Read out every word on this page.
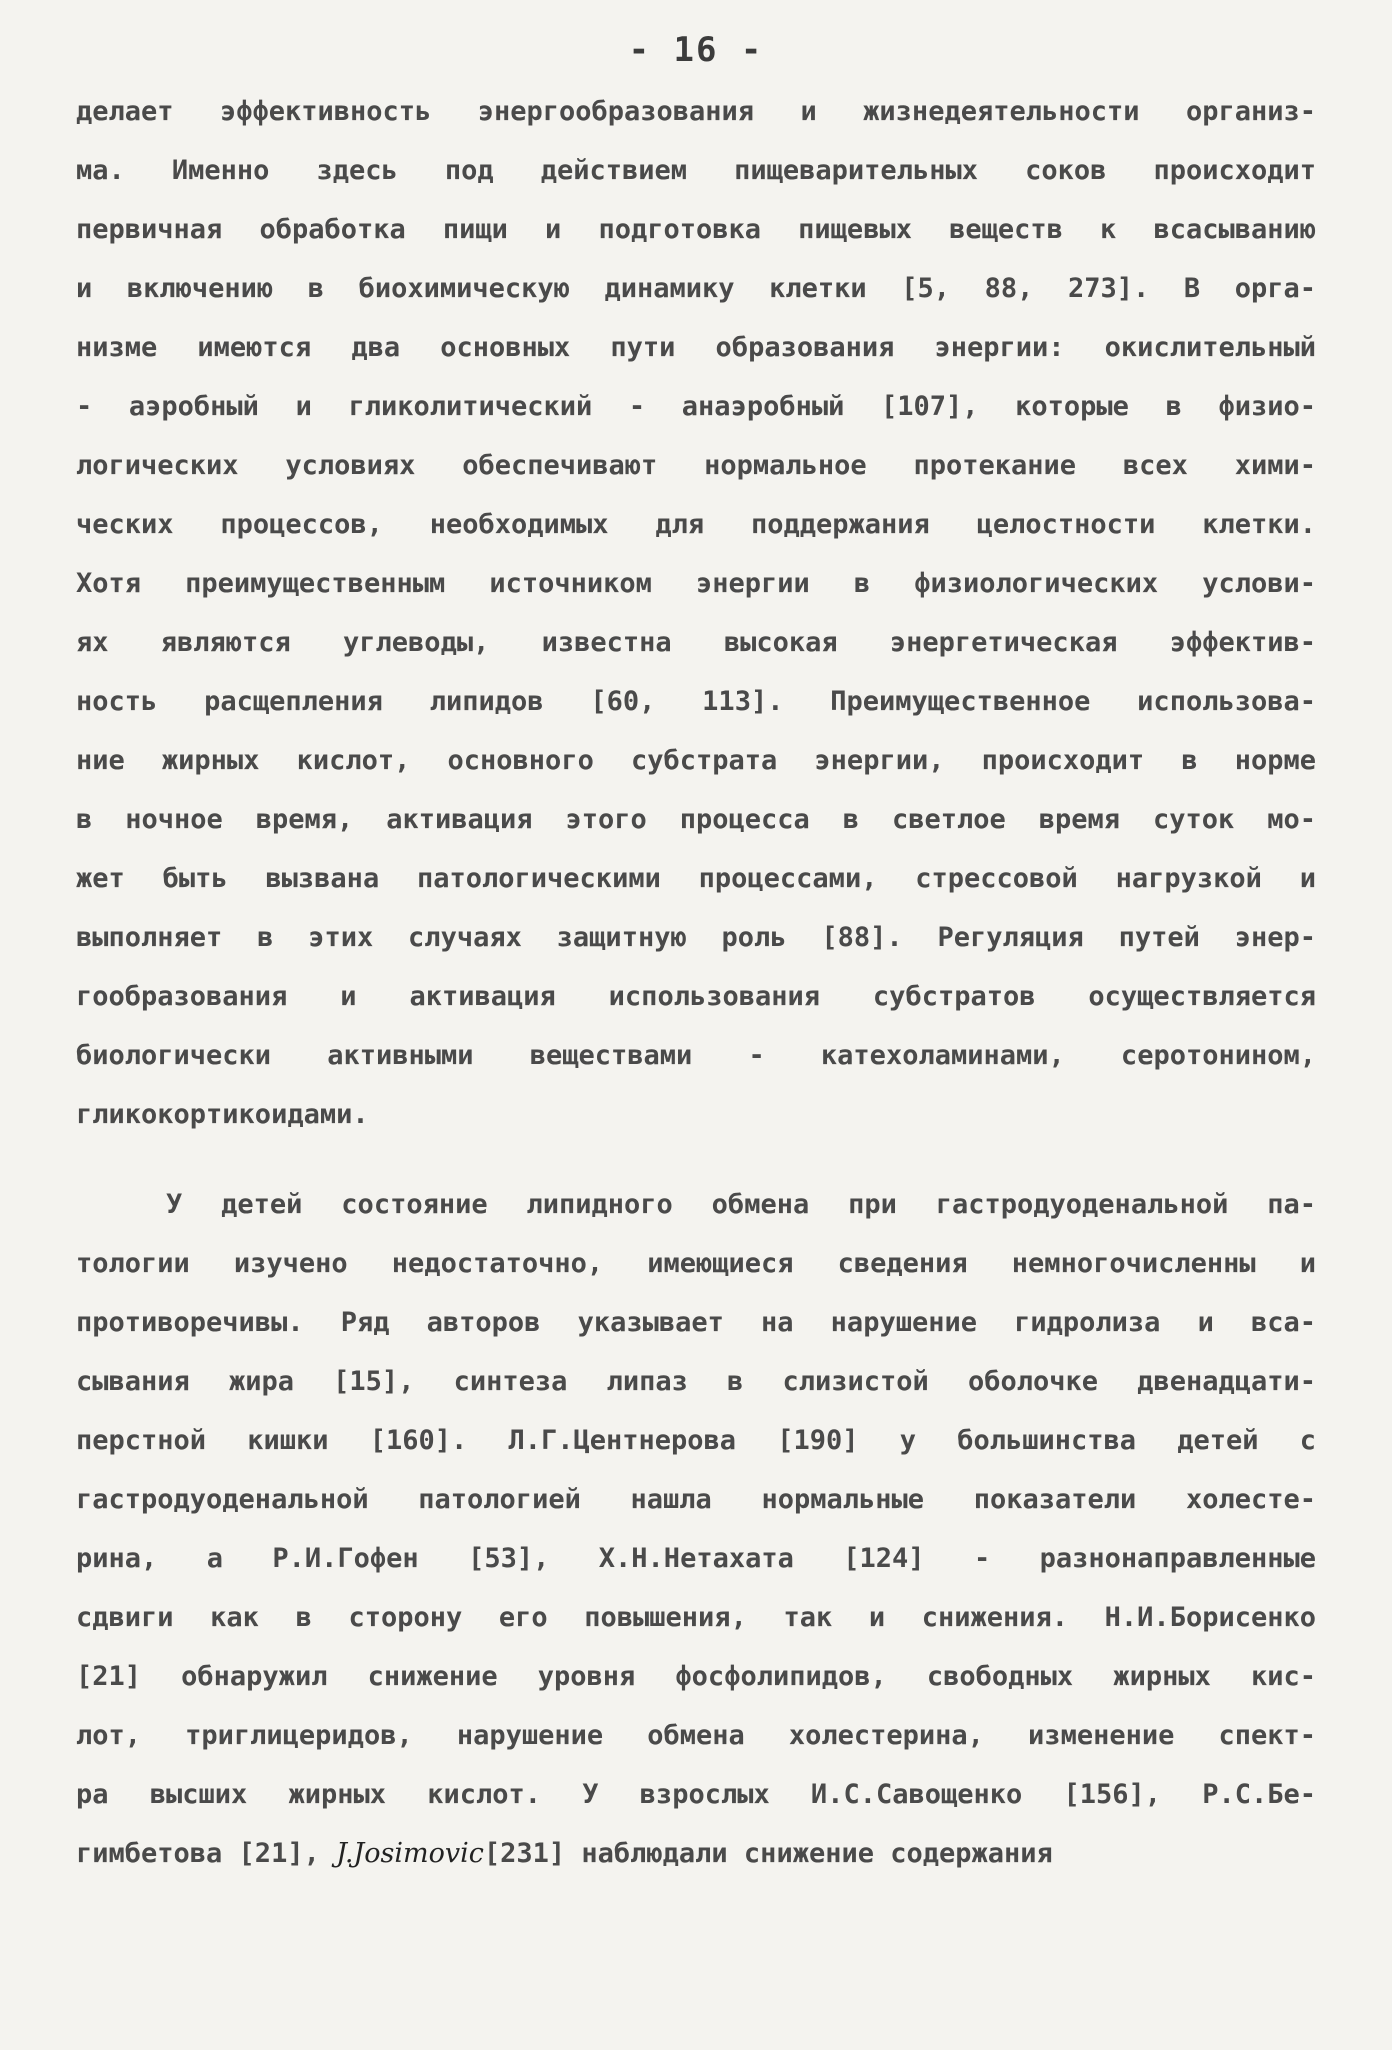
- 16 -
делает эффективность энергообразования и жизнедеятельности организ-
ма. Именно здесь под действием пищеварительных соков происходит
первичная обработка пищи и подготовка пищевых веществ к всасыванию
и включению в биохимическую динамику клетки [5, 88, 273]. В орга-
низме имеются два основных пути образования энергии: окислительный
- аэробный и гликолитический - анаэробный [107], которые в физио-
логических условиях обеспечивают нормальное протекание всех хими-
ческих процессов, необходимых для поддержания целостности клетки.
Хотя преимущественным источником энергии в физиологических услови-
ях являются углеводы, известна высокая энергетическая эффектив-
ность расщепления липидов [60, 113]. Преимущественное использова-
ние жирных кислот, основного субстрата энергии, происходит в норме
в ночное время, активация этого процесса в светлое время суток мо-
жет быть вызвана патологическими процессами, стрессовой нагрузкой и
выполняет в этих случаях защитную роль [88]. Регуляция путей энер-
гообразования и активация использования субстратов осуществляется
биологически активными веществами - катехоламинами, серотонином,
гликокортикоидами.
У детей состояние липидного обмена при гастродуоденальной па-
тологии изучено недостаточно, имеющиеся сведения немногочисленны и
противоречивы. Ряд авторов указывает на нарушение гидролиза и вса-
сывания жира [15], синтеза липаз в слизистой оболочке двенадцати-
перстной кишки [160]. Л.Г.Центнерова [190] у большинства детей с
гастродуоденальной патологией нашла нормальные показатели холесте-
рина, а Р.И.Гофен [53], Х.Н.Нетахата [124] - разнонаправленные
сдвиги как в сторону его повышения, так и снижения. Н.И.Борисенко
[21] обнаружил снижение уровня фосфолипидов, свободных жирных кис-
лот, триглицеридов, нарушение обмена холестерина, изменение спект-
ра высших жирных кислот. У взрослых И.С.Савощенко [156], Р.С.Бе-
гимбетова [21], J.Josimovic[231] наблюдали снижение содержания
